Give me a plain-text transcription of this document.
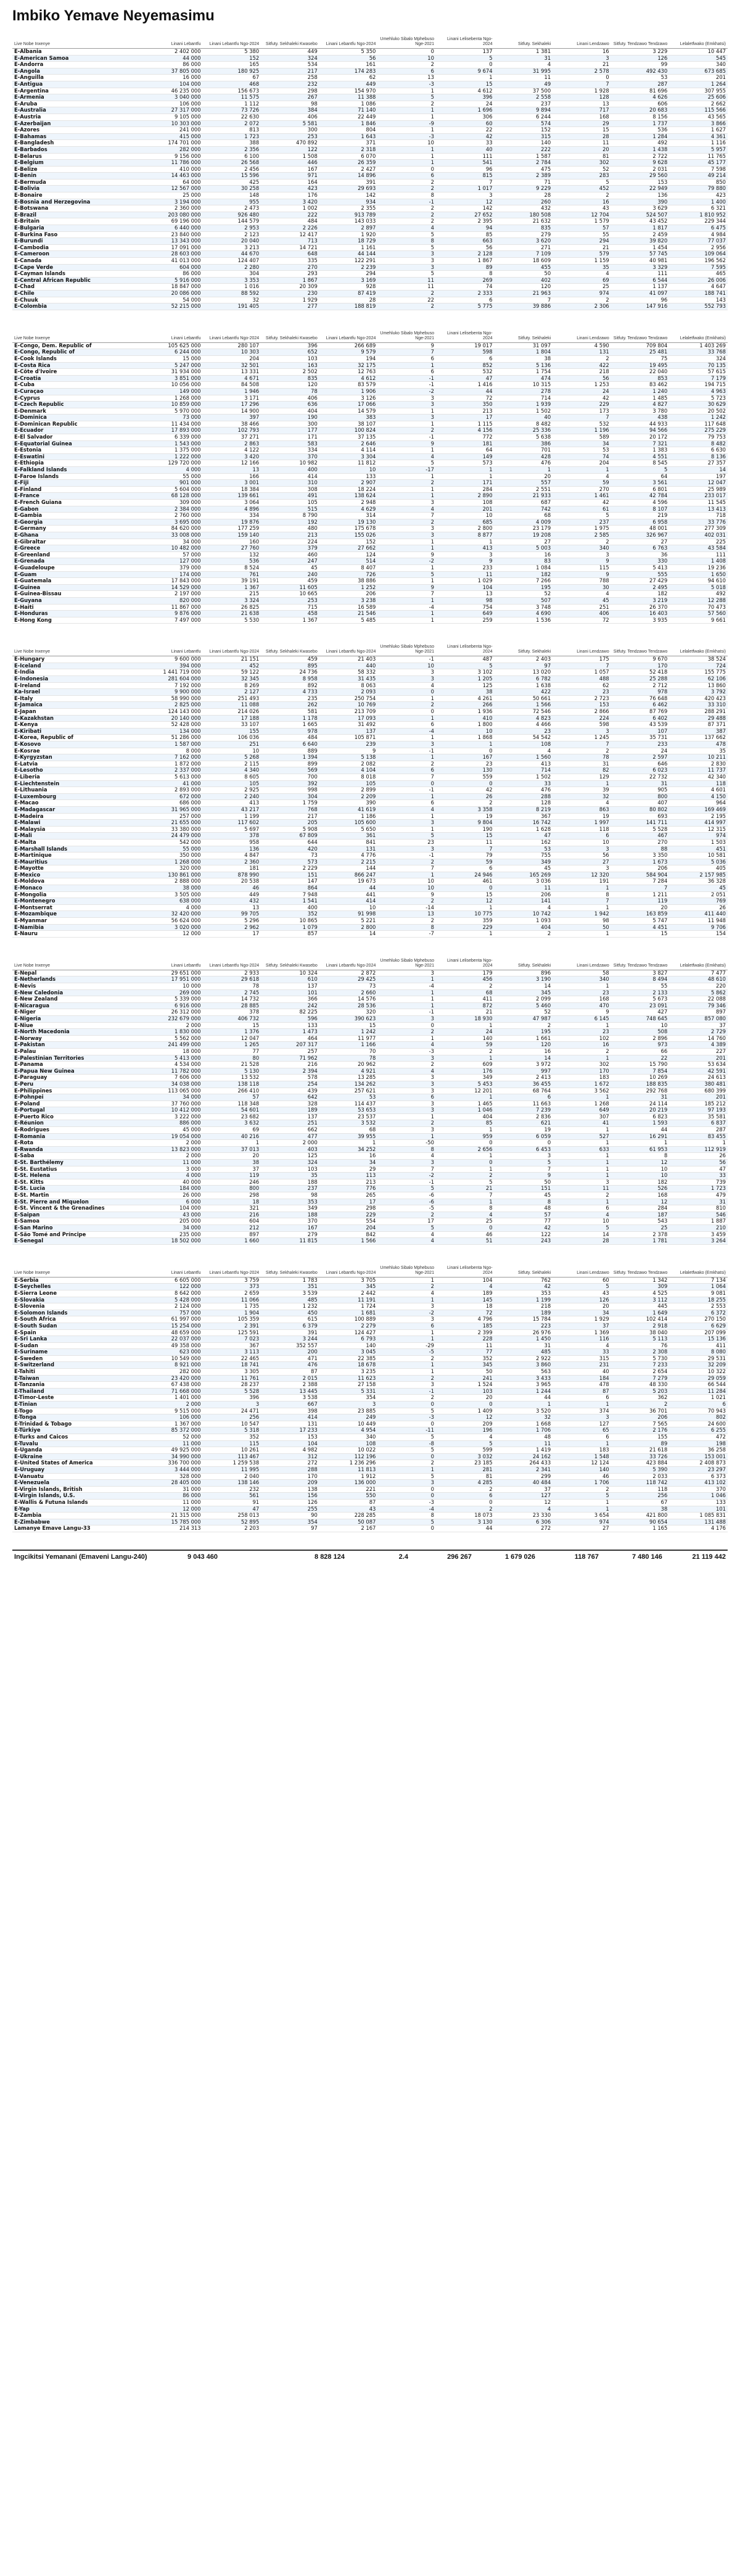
Imbiko Yemave Neyemasimu
Live Nobe Inxenye	Linani Lebantfu	Linani Lebantfu Ngo-2024	Sitfuty. Sekhaleki Kwasebo	Linani Lebantfu Ngo-2024	Umehluko Sibalo Mphebuso Nge-2021	Linani Lelisebenta Ngo-2024	Sitfuty. Sekhaleki	Linani Lendzawo	Sitfuty. Tendzawo Tendzawo	Lelaletfwako (Emkhatsi)
E-Albania	2 402 000	5 380	449	5 350	0	137	1 381	16	3 229	10 447
E-American Samoa	44 000	152	324	56	10	5	31	3	126	545
E-Andorra	86 000	165	534	161	2	0	4	21	99	340
E-Angola	37 805 000	180 925	217	174 283	6	9 674	31 995	2 578	492 430	673 685
E-Anguilla	16 000	67	258	62	13	1	11	0	53	201
E-Antigua	104 000	468	232	449	-3	15	49	7	287	1 264
E-Argentina	46 235 000	156 673	298	154 970	1	4 612	37 500	1 928	81 696	307 955
E-Armenia	3 040 000	11 575	267	11 388	5	396	2 558	128	4 626	25 606
E-Aruba	106 000	1 112	98	1 086	2	24	237	13	606	2 662
E-Australia	27 317 000	73 726	384	71 140	1	1 696	9 894	717	20 683	115 566
E-Austria	9 105 000	22 630	406	22 449	1	306	6 244	168	8 156	43 565
E-Azerbaijan	10 303 000	2 072	5 581	1 846	-9	60	574	29	1 737	3 866
E-Azores	241 000	813	300	804	1	22	152	15	536	1 627
E-Bahamas	415 000	1 723	253	1 643	-3	42	315	28	1 284	4 361
E-Bangladesh	174 701 000	388	470 892	371	10	33	140	11	492	1 116
E-Barbados	282 000	2 356	122	2 318	1	40	222	20	1 438	5 957
E-Belarus	9 156 000	6 100	1 508	6 070	1	111	1 587	81	2 722	11 765
E-Belgium	11 786 000	26 568	446	26 359	1	541	2 784	302	9 628	45 177
E-Belize	410 000	2 456	167	2 427	0	96	475	52	2 031	7 598
E-Benin	14 463 000	15 596	971	14 896	6	815	2 389	283	29 560	49 214
E-Bermuda	64 000	425	164	391	2	7	71	5	153	850
E-Bolivia	12 567 000	30 258	423	29 693	2	1 017	9 229	452	22 949	79 880
E-Bonaire	25 000	148	176	142	8	3	28	2	136	423
E-Bosnia and Herzegovina	3 194 000	955	3 420	934	-1	12	260	16	390	1 400
E-Botswana	2 360 000	2 473	1 002	2 355	2	142	432	43	3 629	6 321
E-Brazil	203 080 000	926 480	222	913 789	2	27 652	180 508	12 704	524 507	1 810 952
E-Britain	69 196 000	144 579	484	143 033	2	2 395	21 632	1 579	43 452	229 344
E-Bulgaria	6 440 000	2 953	2 226	2 897	4	94	835	57	1 817	6 475
E-Burkina Faso	23 840 000	2 123	12 417	1 920	5	85	279	55	2 459	4 984
E-Burundi	13 343 000	20 040	713	18 729	8	663	3 620	294	39 820	77 037
E-Cambodia	17 091 000	3 213	14 721	1 161	5	56	271	21	1 454	2 956
E-Cameroon	28 603 000	44 670	648	44 144	3	2 128	7 109	579	57 745	109 064
E-Canada	41 013 000	124 407	335	122 291	3	1 867	18 609	1 159	40 981	196 562
E-Cape Verde	604 000	2 280	270	2 239	3	89	455	35	3 329	7 595
E-Cayman Islands	86 000	304	293	294	5	8	50	4	111	465
E-Central African Republic	5 916 000	3 353	1 867	3 169	11	269	402	69	6 544	26 006
E-Chad	18 847 000	1 016	20 309	928	11	74	120	25	1 137	4 647
E-Chile	20 086 000	88 592	230	87 419	2	2 333	21 963	974	41 097	188 741
E-Chuuk	54 000	32	1 929	28	22	6	7	2	96	143
E-Colombia	52 215 000	191 405	277	188 819	2	5 775	39 886	2 306	147 916	552 793
Live Nobe Inxenye	Linani Lebantfu	Linani Lebantfu Ngo-2024	Sitfuty. Sekhaleki Kwasebo	Linani Lebantfu Ngo-2024	Umehluko Sibalo Mphebuso Nge-2021	Linani Lelisebenta Ngo-2024	Sitfuty. Sekhaleki	Linani Lendzawo	Sitfuty. Tendzawo Tendzawo	Lelaletfwako (Emkhatsi)
E-Congo, Dem. Republic of	105 625 000	280 107	396	266 689	9	19 017	31 097	4 590	709 804	1 403 269
E-Congo, Republic of	6 244 000	10 303	652	9 579	7	598	1 804	131	25 481	33 768
E-Cook Islands	15 000	204	103	194	6	6	38	2	75	324
E-Costa Rica	5 247 000	32 501	163	32 175	1	852	5 136	422	19 495	70 135
E-Côte d'Ivoire	31 934 000	13 331	2 502	12 763	6	532	1 754	218	22 040	57 615
E-Croatia	3 851 000	4 671	835	4 612	-1	47	474	56	853	7 179
E-Cuba	10 056 000	84 508	120	83 579	-1	1 416	10 315	1 253	83 462	194 715
E-Curaçao	149 000	1 946	78	1 906	-2	44	278	24	1 240	4 963
E-Cyprus	1 268 000	3 171	406	3 126	3	72	714	42	1 485	5 723
E-Czech Republic	10 859 000	17 296	636	17 066	3	350	1 939	229	4 827	30 629
E-Denmark	5 970 000	14 900	404	14 579	1	213	1 502	173	3 780	20 502
E-Dominica	73 000	397	190	383	3	17	40	7	438	1 242
E-Dominican Republic	11 434 000	38 466	300	38 107	1	1 115	8 482	532	44 933	117 648
E-Ecuador	17 893 000	102 793	177	100 824	2	4 156	25 336	1 196	94 566	275 229
E-El Salvador	6 339 000	37 271	171	37 135	-1	772	5 638	589	20 172	79 753
E-Equatorial Guinea	1 543 000	2 863	583	2 646	9	181	386	34	7 321	8 482
E-Estonia	1 375 000	4 122	334	4 114	1	64	701	53	1 383	6 630
E-Eswatini	1 222 000	3 420	370	3 304	4	149	428	74	4 551	8 136
E-Ethiopia	129 720 000	12 166	10 982	11 812	5	573	476	204	8 545	27 357
E-Falkland Islands	4 000	13	400	10	-17	1	1	1	5	14
E-Faroe Islands	55 000	166	414	133	1	1	20	4	64	197
E-Fiji	901 000	3 001	310	2 907	2	171	557	59	3 561	12 047
E-Finland	5 604 000	18 384	308	18 224	1	284	2 551	270	6 801	25 989
E-France	68 128 000	139 661	491	138 624	1	2 890	21 933	1 461	42 784	233 017
E-French Guiana	309 000	3 064	105	2 948	3	108	687	42	4 596	11 545
E-Gabon	2 384 000	4 896	515	4 629	4	201	742	61	8 107	13 413
E-Gambia	2 760 000	334	8 790	314	7	10	68	5	219	718
E-Georgia	3 695 000	19 876	192	19 130	2	685	4 009	237	6 958	33 776
E-Germany	84 620 000	177 259	480	175 678	3	2 800	23 179	1 975	48 001	277 309
E-Ghana	33 008 000	159 140	213	155 026	3	8 877	19 208	2 585	326 967	402 031
E-Gibraltar	34 000	160	224	152	1	1	27	2	27	225
E-Greece	10 482 000	27 760	379	27 662	1	413	5 003	340	6 763	43 584
E-Greenland	57 000	132	460	124	9	3	16	3	36	111
E-Grenada	127 000	536	247	514	-2	9	83	9	330	1 408
E-Guadeloupe	379 000	8 524	45	8 407	1	233	1 084	115	5 413	19 236
E-Guam	174 000	761	240	726	5	11	182	9	555	1 650
E-Guatemala	17 843 000	39 191	459	38 886	1	1 029	7 266	788	27 429	94 610
E-Guinea	14 529 000	1 367	11 605	1 252	9	104	195	30	2 495	5 018
E-Guinea-Bissau	2 197 000	215	10 665	206	7	13	52	4	182	492
E-Guyana	820 000	3 324	253	3 238	1	98	507	45	3 219	12 288
E-Haiti	11 867 000	26 825	715	16 589	-4	754	3 748	251	26 370	70 473
E-Honduras	9 876 000	21 638	458	21 546	1	649	4 690	406	16 403	57 560
E-Hong Kong	7 497 000	5 530	1 367	5 485	1	259	1 536	72	3 935	9 661
Live Nobe Inxenye	Linani Lebantfu	Linani Lebantfu Ngo-2024	Sitfuty. Sekhaleki Kwasebo	Linani Lebantfu Ngo-2024	Umehluko Sibalo Mphebuso Nge-2021	Linani Lelisebenta Ngo-2024	Sitfuty. Sekhaleki	Linani Lendzawo	Sitfuty. Tendzawo Tendzawo	Lelaletfwako (Emkhatsi)
E-Hungary	9 600 000	21 151	459	21 403	-1	487	2 403	175	9 670	38 524
E-Iceland	394 000	452	895	440	10	5	97	7	170	724
E-India	1 441 719 000	59 122	24 736	58 332	3	3 102	13 020	1 057	52 418	155 775
E-Indonesia	281 604 000	32 345	8 958	31 435	3	1 205	6 782	488	25 288	62 106
E-Ireland	7 192 000	8 269	892	8 063	4	125	1 638	62	2 712	13 860
Ka-Israel	9 900 000	2 127	4 733	2 093	0	38	422	23	978	3 792
E-Italy	58 990 000	251 493	235	250 754	1	4 261	50 661	2 723	76 648	420 423
E-Jamaica	2 825 000	11 088	262	10 769	2	266	1 566	153	6 462	33 310
E-Japan	124 143 000	214 026	581	213 709	0	1 936	72 546	2 866	87 769	288 291
E-Kazakhstan	20 140 000	17 188	1 178	17 093	1	410	4 823	224	6 402	29 488
E-Kenya	52 428 000	33 107	1 665	31 492	6	1 800	4 466	598	43 539	87 371
E-Kiribati	134 000	155	978	137	-4	10	23	3	107	387
E-Korea, Republic of	51 286 000	106 036	484	105 871	1	1 868	54 542	1 245	35 731	137 662
E-Kosovo	1 587 000	251	6 640	239	3	1	108	7	233	478
E-Kosrae	8 000	10	889	9	-1	0	4	2	24	35
E-Kyrgyzstan	7 162 000	5 268	1 394	5 138	1	167	1 560	78	2 597	10 211
E-Latvia	1 872 000	2 115	899	2 082	2	23	413	31	646	2 830
E-Lesotho	2 337 000	4 340	569	4 104	6	130	714	82	6 023	11 737
E-Liberia	5 613 000	8 605	700	8 018	7	559	1 502	129	22 732	42 340
E-Liechtenstein	41 000	105	392	105	0	0	33	1	31	118
E-Lithuania	2 893 000	2 925	998	2 899	-1	42	476	39	905	4 601
E-Luxembourg	672 000	2 240	304	2 209	1	26	288	32	800	4 150
E-Macao	686 000	413	1 759	390	6	2	128	4	407	964
E-Madagascar	31 965 000	43 217	768	41 619	4	3 358	8 219	863	80 802	169 469
E-Madeira	257 000	1 199	217	1 186	1	19	367	19	693	2 195
E-Malawi	21 655 000	117 602	205	105 600	3	9 804	16 742	1 997	141 711	414 997
E-Malaysia	33 380 000	5 697	5 908	5 650	1	190	1 628	118	5 528	12 315
E-Mali	24 479 000	378	67 809	361	5	15	47	6	467	974
E-Malta	542 000	958	644	841	23	11	162	10	270	1 503
E-Marshall Islands	55 000	136	420	131	3	7	53	3	88	451
E-Martinique	350 000	4 847	73	4 776	-1	79	755	56	3 350	10 581
E-Mauritius	1 268 000	2 360	573	2 215	2	59	349	27	1 673	5 036
E-Mayotte	320 000	181	2 229	144	7	6	45	3	206	405
E-Mexico	130 861 000	878 990	151	866 247	1	24 946	165 269	12 320	584 904	2 157 985
E-Moldova	2 888 000	20 538	147	19 673	10	461	3 036	191	7 284	36 328
E-Monaco	38 000	46	864	44	10	0	11	1	7	45
E-Mongolia	3 505 000	449	7 948	441	9	15	206	8	1 211	2 051
E-Montenegro	638 000	432	1 541	414	2	12	141	7	119	769
E-Montserrat	4 000	13	400	10	-14	1	4	1	20	26
E-Mozambique	32 420 000	99 705	352	91 998	13	10 775	10 742	1 942	163 859	411 440
E-Myanmar	56 624 000	5 296	10 865	5 221	2	359	1 093	98	5 747	11 948
E-Namibia	3 020 000	2 962	1 079	2 800	8	229	404	50	4 451	9 706
E-Nauru	12 000	17	857	14	-7	1	2	1	15	154
Live Nobe Inxenye	Linani Lebantfu	Linani Lebantfu Ngo-2024	Sitfuty. Sekhaleki Kwasebo	Linani Lebantfu Ngo-2024	Umehluko Sibalo Mphebuso Nge-2021	Linani Lelisebenta Ngo-2024	Sitfuty. Sekhaleki	Linani Lendzawo	Sitfuty. Tendzawo Tendzawo	Lelaletfwako (Emkhatsi)
E-Nepal	29 651 000	2 933	10 324	2 872	3	179	896	58	3 827	7 477
E-Netherlands	17 951 000	29 618	610	29 425	1	456	3 190	340	8 494	48 610
E-Nevis	10 000	78	137	73	-4	2	14	1	55	220
E-New Caledonia	269 000	2 745	101	2 660	1	68	345	23	2 133	5 862
E-New Zealand	5 339 000	14 732	366	14 576	1	411	2 099	168	5 673	22 088
E-Nicaragua	6 916 000	28 885	242	28 536	1	872	5 460	470	23 091	79 346
E-Niger	26 312 000	378	82 225	320	-1	21	52	9	427	897
E-Nigeria	232 679 000	406 732	596	390 623	3	18 930	47 987	6 145	748 645	857 080
E-Niue	2 000	15	133	15	0	1	2	1	10	37
E-North Macedonia	1 830 000	1 376	1 473	1 242	2	24	195	23	508	2 729
E-Norway	5 562 000	12 047	464	11 977	1	140	1 661	102	2 896	14 760
E-Pakistan	241 499 000	1 265	207 317	1 166	4	59	120	16	973	4 389
E-Palau	18 000	77	257	70	-3	2	16	2	66	227
E-Palestinian Territories	5 413 000	80	71 962	78	3	1	14	1	22	201
E-Panama	4 534 000	21 528	216	20 962	2	609	3 972	302	15 790	53 634
E-Papua New Guinea	11 782 000	5 130	2 394	4 921	4	176	997	170	7 854	42 591
E-Paraguay	7 606 000	13 532	578	13 285	3	349	2 413	183	10 269	24 613
E-Peru	34 038 000	138 118	254	134 262	3	5 453	36 455	1 672	188 835	380 481
E-Philippines	113 065 000	266 410	439	257 621	3	12 201	68 764	3 562	292 768	680 399
E-Pohnpei	34 000	57	642	53	6	1	6	1	31	201
E-Poland	37 760 000	118 348	328	114 437	3	1 465	11 663	1 268	24 114	185 212
E-Portugal	10 412 000	54 601	189	53 653	3	1 046	7 239	649	20 219	97 193
E-Puerto Rico	3 222 000	23 682	137	23 537	1	404	2 836	307	6 823	35 581
E-Réunion	886 000	3 632	251	3 532	2	85	621	41	1 593	6 837
E-Rodrigues	45 000	69	662	68	3	1	19	1	44	287
E-Romania	19 054 000	40 216	477	39 955	1	959	6 059	527	16 291	83 455
E-Rota	2 000	1	2 000	1	-50	0	0	1	1	1
E-Rwanda	13 823 000	37 013	403	34 252	8	2 656	6 453	633	61 953	112 919
E-Saba	2 000	20	125	16	4	1	3	1	8	26
E-St. Barthélemy	11 000	38	324	34	3	0	5	1	12	56
E-St. Eustatius	3 000	37	103	29	7	1	7	1	10	47
E-St. Helena	4 000	119	35	113	-2	2	9	1	10	33
E-St. Kitts	40 000	246	188	213	-1	5	50	3	182	739
E-St. Lucia	184 000	800	237	776	5	21	151	11	526	1 723
E-St. Martin	26 000	298	98	265	-6	7	45	2	168	479
E-St. Pierre and Miquelon	6 000	18	353	17	-6	1	8	1	12	31
E-St. Vincent & the Grenadines	104 000	321	349	298	-5	8	48	6	284	810
E-Saipan	43 000	216	188	229	2	4	57	4	187	546
E-Samoa	205 000	604	370	554	17	25	77	10	543	1 887
E-San Marino	34 000	212	167	204	5	0	42	5	25	210
E-São Tomé and Príncipe	235 000	897	279	842	4	46	122	14	2 378	3 459
E-Senegal	18 502 000	1 660	11 815	1 566	4	51	243	28	1 781	3 264
Live Nobe Inxenye	Linani Lebantfu	Linani Lebantfu Ngo-2024	Sitfuty. Sekhaleki Kwasebo	Linani Lebantfu Ngo-2024	Umehluko Sibalo Mphebuso Nge-2021	Linani Lelisebenta Ngo-2024	Sitfuty. Sekhaleki	Linani Lendzawo	Sitfuty. Tendzawo Tendzawo	Lelaletfwako (Emkhatsi)
E-Serbia	6 605 000	3 759	1 783	3 705	1	104	762	60	1 342	7 134
E-Seychelles	122 000	373	351	345	2	4	42	5	309	1 064
E-Sierra Leone	8 642 000	2 659	3 539	2 442	4	189	353	43	4 525	9 081
E-Slovakia	5 428 000	11 066	485	11 191	1	145	1 199	126	3 112	18 255
E-Slovenia	2 124 000	1 735	1 232	1 724	3	18	218	20	445	2 553
E-Solomon Islands	757 000	1 904	450	1 681	-2	72	189	34	1 649	6 372
E-South Africa	61 997 000	105 359	615	100 889	3	4 796	15 784	1 929	102 414	270 150
E-South Sudan	15 254 000	2 391	6 379	2 279	6	185	223	37	2 918	6 629
E-Spain	48 659 000	125 591	391	124 427	1	2 399	26 976	1 369	38 040	207 099
E-Sri Lanka	22 037 000	7 023	3 244	6 793	1	228	1 450	116	5 113	15 136
E-Sudan	49 358 000	367	352 557	140	-29	11	31	4	76	411
E-Suriname	623 000	3 113	200	3 045	-5	77	485	33	2 308	8 080
E-Sweden	10 549 000	22 465	471	22 385	2	352	2 922	315	5 730	29 531
E-Switzerland	8 921 000	18 741	476	18 678	1	345	3 860	231	7 233	32 209
E-Tahiti	282 000	3 305	87	3 235	1	50	563	40	2 654	10 322
E-Taiwan	23 420 000	11 761	2 015	11 623	2	241	3 433	184	7 279	29 059
E-Tanzania	67 438 000	28 237	2 388	27 158	3	1 524	3 965	478	48 330	66 544
E-Thailand	71 668 000	5 528	13 445	5 331	-1	103	1 244	87	5 203	11 284
E-Timor-Leste	1 401 000	396	3 538	354	2	20	44	6	362	1 021
E-Tinian	2 000	3	667	3	0	0	1	1	2	6
E-Togo	9 515 000	24 471	398	23 885	5	1 409	3 520	374	36 701	70 943
E-Tonga	106 000	256	414	249	-3	12	32	3	206	802
E-Trinidad & Tobago	1 367 000	10 547	131	10 449	0	209	1 668	127	7 565	24 600
E-Türkiye	85 372 000	5 318	17 233	4 954	-11	196	1 706	65	2 176	6 255
E-Turks and Caicos	52 000	352	153	340	5	4	48	6	155	472
E-Tuvalu	11 000	115	104	108	-8	5	11	1	89	198
E-Uganda	49 925 000	10 261	4 982	10 022	5	599	1 419	183	21 618	36 258
E-Ukraine	34 990 000	113 467	312	112 196	0	3 032	24 162	1 548	33 726	153 001
E-United States of America	336 700 000	1 259 538	272	1 236 296	2	23 185	264 433	12 124	423 884	2 408 873
E-Uruguay	3 444 000	11 995	288	11 813	1	281	2 341	140	5 390	23 297
E-Vanuatu	328 000	2 040	170	1 912	5	81	299	46	2 033	6 373
E-Venezuela	28 405 000	138 146	209	136 000	3	4 285	40 484	1 706	118 742	413 102
E-Virgin Islands, British	31 000	232	138	221	0	2	37	2	118	370
E-Virgin Islands, U.S.	86 000	561	156	550	0	6	127	5	256	1 046
E-Wallis & Futuna Islands	11 000	91	126	87	-3	0	12	1	67	133
E-Yap	12 000	47	255	43	-4	2	4	1	38	101
E-Zambia	21 315 000	258 013	90	228 285	8	18 073	23 330	3 654	421 800	1 085 831
E-Zimbabwe	15 785 000	52 895	354	50 087	5	3 130	6 306	974	90 654	131 488
Lamanye Emave Langu-33	214 313	2 203	97	2 167	0	44	272	27	1 165	4 176
Ingcikitsi Yemanani (Emaveni Langu-240)	9 043 460		8 828 124	2.4	296 267	1 679 026	118 767	7 480 146	21 119 442
